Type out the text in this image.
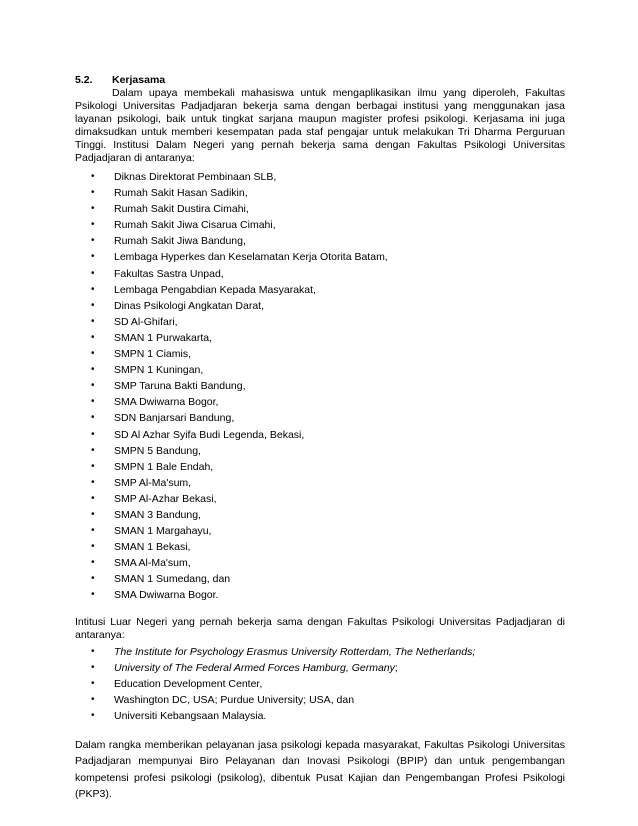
5.2.	Kerjasama

Dalam upaya membekali mahasiswa untuk mengaplikasikan ilmu yang diperoleh, Fakultas Psikologi Universitas Padjadjaran bekerja sama dengan berbagai institusi yang menggunakan jasa layanan psikologi, baik untuk tingkat sarjana maupun magister profesi psikologi. Kerjasama ini juga dimaksudkan untuk memberi kesempatan pada staf pengajar untuk melakukan Tri Dharma Perguruan Tinggi. Institusi Dalam Negeri yang pernah bekerja sama dengan Fakultas Psikologi Universitas Padjadjaran di antaranya:

• Diknas Direktorat Pembinaan SLB,
• Rumah Sakit Hasan Sadikin,
• Rumah Sakit Dustira Cimahi,
• Rumah Sakit Jiwa Cisarua Cimahi,
• Rumah Sakit Jiwa Bandung,
• Lembaga Hyperkes dan Keselamatan Kerja Otorita Batam,
• Fakultas Sastra Unpad,
• Lembaga Pengabdian Kepada Masyarakat,
• Dinas Psikologi Angkatan Darat,
• SD Al-Ghifari,
• SMAN 1 Purwakarta,
• SMPN 1 Ciamis,
• SMPN 1 Kuningan,
• SMP Taruna Bakti Bandung,
• SMA Dwiwarna Bogor,
• SDN Banjarsari Bandung,
• SD Al Azhar Syifa Budi Legenda, Bekasi,
• SMPN 5 Bandung,
• SMPN 1 Bale Endah,
• SMP Al-Ma'sum,
• SMP Al-Azhar Bekasi,
• SMAN 3 Bandung,
• SMAN 1 Margahayu,
• SMAN 1 Bekasi,
• SMA Al-Ma'sum,
• SMAN 1 Sumedang, dan
• SMA Dwiwarna Bogor.

Intitusi Luar Negeri yang pernah bekerja sama dengan Fakultas Psikologi Universitas Padjadjaran di antaranya:

• The Institute for Psychology Erasmus University Rotterdam, The Netherlands;
• University of The Federal Armed Forces Hamburg, Germany;
• Education Development Center,
• Washington DC, USA; Purdue University; USA, dan
• Universiti Kebangsaan Malaysia.

Dalam rangka memberikan pelayanan jasa psikologi kepada masyarakat, Fakultas Psikologi Universitas Padjadjaran mempunyai Biro Pelayanan dan Inovasi Psikologi (BPIP) dan untuk pengembangan kompetensi profesi psikologi (psikolog), dibentuk Pusat Kajian dan Pengembangan Profesi Psikologi (PKP3).
